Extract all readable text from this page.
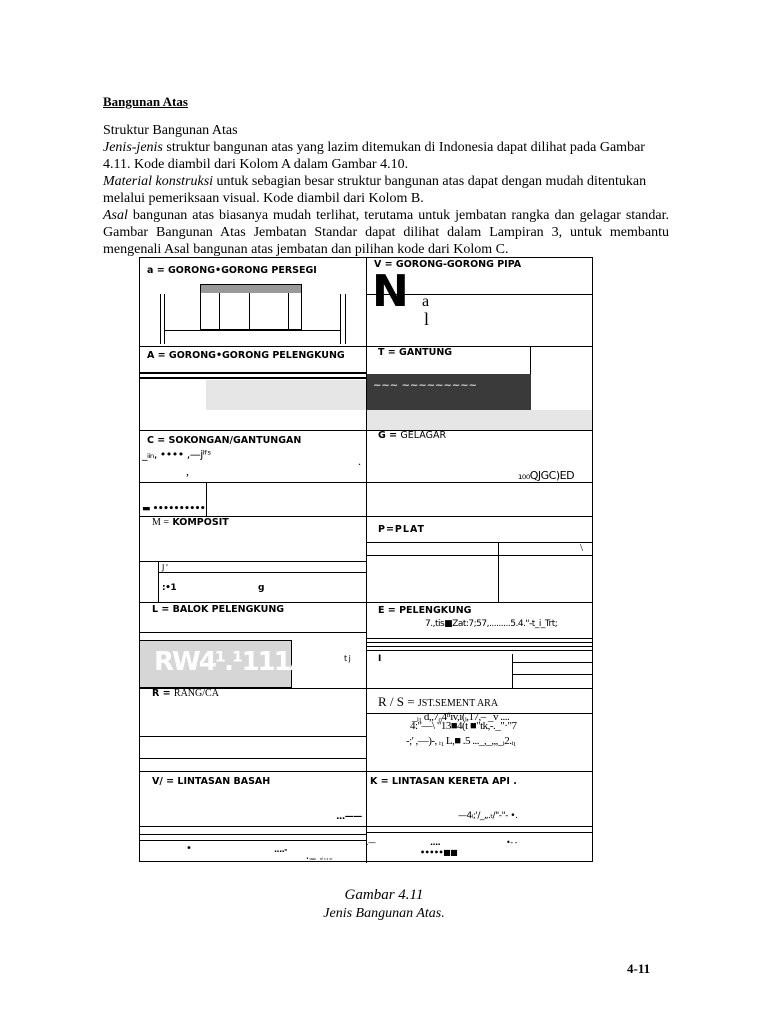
Bangunan Atas
Struktur Bangunan Atas
Jenis-jenis struktur bangunan atas yang lazim ditemukan di Indonesia dapat dilihat pada Gambar 4.11. Kode diambil dari Kolom A dalam Gambar 4.10.
Material konstruksi untuk sebagian besar struktur bangunan atas dapat dengan mudah ditentukan melalui pemeriksaan visual. Kode diambil dari Kolom B.
Asal bangunan atas biasanya mudah terlihat, terutama untuk jembatan rangka dan gelagar standar. Gambar Bangunan Atas Jembatan Standar dapat dilihat dalam Lampiran 3, untuk membantu mengenali Asal bangunan atas jembatan dan pilihan kode dari Kolom C.
a = GORONG•GORONG PERSEGI
V = GORONG-GORONG PIPA
N a
l
A = GORONG•GORONG PELENGKUNG	T = GANTUNG
~~~ ~~~~~~~~~
C = SOKONGAN/GANTUNGAN
_ᵢᵢₙ, •••• ,—jᴵᶠˢ
,
.
▬ ••••••••••
G = GELAGAR
₁₀₀QJGC)ED
M = KOMPOSIT
J '
:•1	g
P=PLAT
\
L = BALOK PELENGKUNG
RW4¹.¹111A	t j
E = PELENGKUNG
7.,tis■Zat:7;57,.........5.4."-t_i_Trt;
I
R = RANG/CA
R / S = JST.SEMENT ARA
_ᵢ₁ d„7₀4ᶠᶠiv,i(ᵢ,17,‒ _v ....
4:"—\ "13■4(t ■"tk,-._"·"7
-;' ,—)-, ᵢ₁ L,■ .5 ..._,_„,_ᵢ2.ᵢ₁
V/ = LINTASAN BASAH
...——
•	....-
• ₀₀₂₂ _ ₀‹ ₁ ₁ ₁₇
K = LINTASAN KERETA API .
—4ᵢ;'/_„.ₜ/"-"- •.
.—	....	•- -
•••••■■
Gambar 4.11
Jenis Bangunan Atas.
4-11
